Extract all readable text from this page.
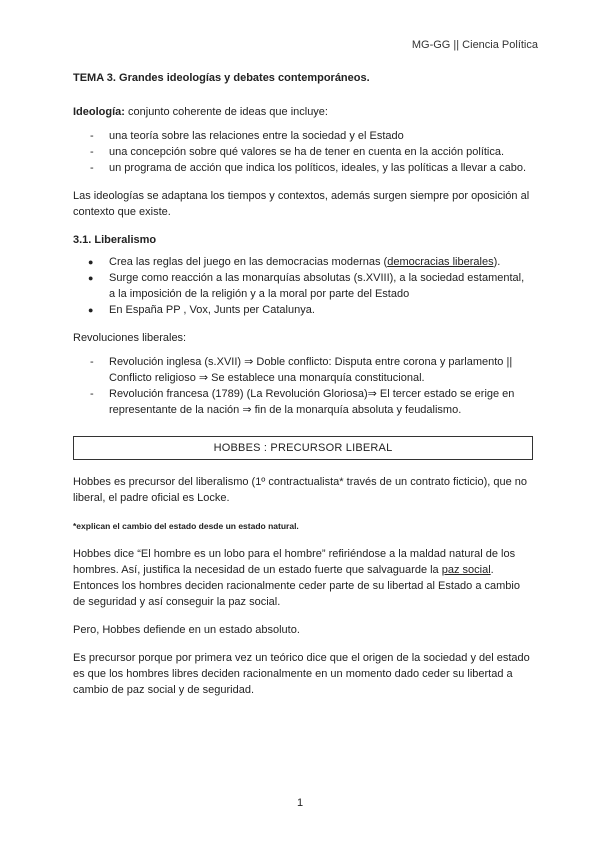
MG-GG || Ciencia Política
TEMA 3. Grandes ideologías y debates contemporáneos.

Ideología: conjunto coherente de ideas que incluye:

- una teoría sobre las relaciones entre la sociedad y el Estado
- una concepción sobre qué valores se ha de tener en cuenta en la acción política.
- un programa de acción que indica los políticos, ideales, y las políticas a llevar a cabo.

Las ideologías se adaptana los tiempos y contextos, además surgen siempre por oposición al contexto que existe.

3.1. Liberalismo
● Crea las reglas del juego en las democracias modernas (democracias liberales).
● Surge como reacción a las monarquías absolutas (s.XVIII), a la sociedad estamental, a la imposición de la religión y a la moral por parte del Estado
● En España PP , Vox, Junts per Catalunya.

Revoluciones liberales:

- Revolución inglesa (s.XVII) ⇒ Doble conflicto: Disputa entre corona y parlamento || Conflicto religioso ⇒ Se establece una monarquía constitucional.
- Revolución francesa (1789) (La Revolución Gloriosa)⇒ El tercer estado se erige en representante de la nación ⇒ fin de la monarquía absoluta y feudalismo.
HOBBES : PRECURSOR LIBERAL

Hobbes es precursor del liberalismo (1º contractualista* través de un contrato ficticio), que no liberal, el padre oficial es Locke.

*explican el cambio del estado desde un estado natural.

Hobbes dice “El hombre es un lobo para el hombre” refiriéndose a la maldad natural de los hombres. Así, justifica la necesidad de un estado fuerte que salvaguarde la paz social. Entonces los hombres deciden racionalmente ceder parte de su libertad al Estado a cambio de seguridad y así conseguir la paz social.

Pero, Hobbes defiende en un estado absoluto.

Es precursor porque por primera vez un teórico dice que el origen de la sociedad y del estado es que los hombres libres deciden racionalmente en un momento dado ceder su libertad a cambio de paz social y de seguridad.

1
